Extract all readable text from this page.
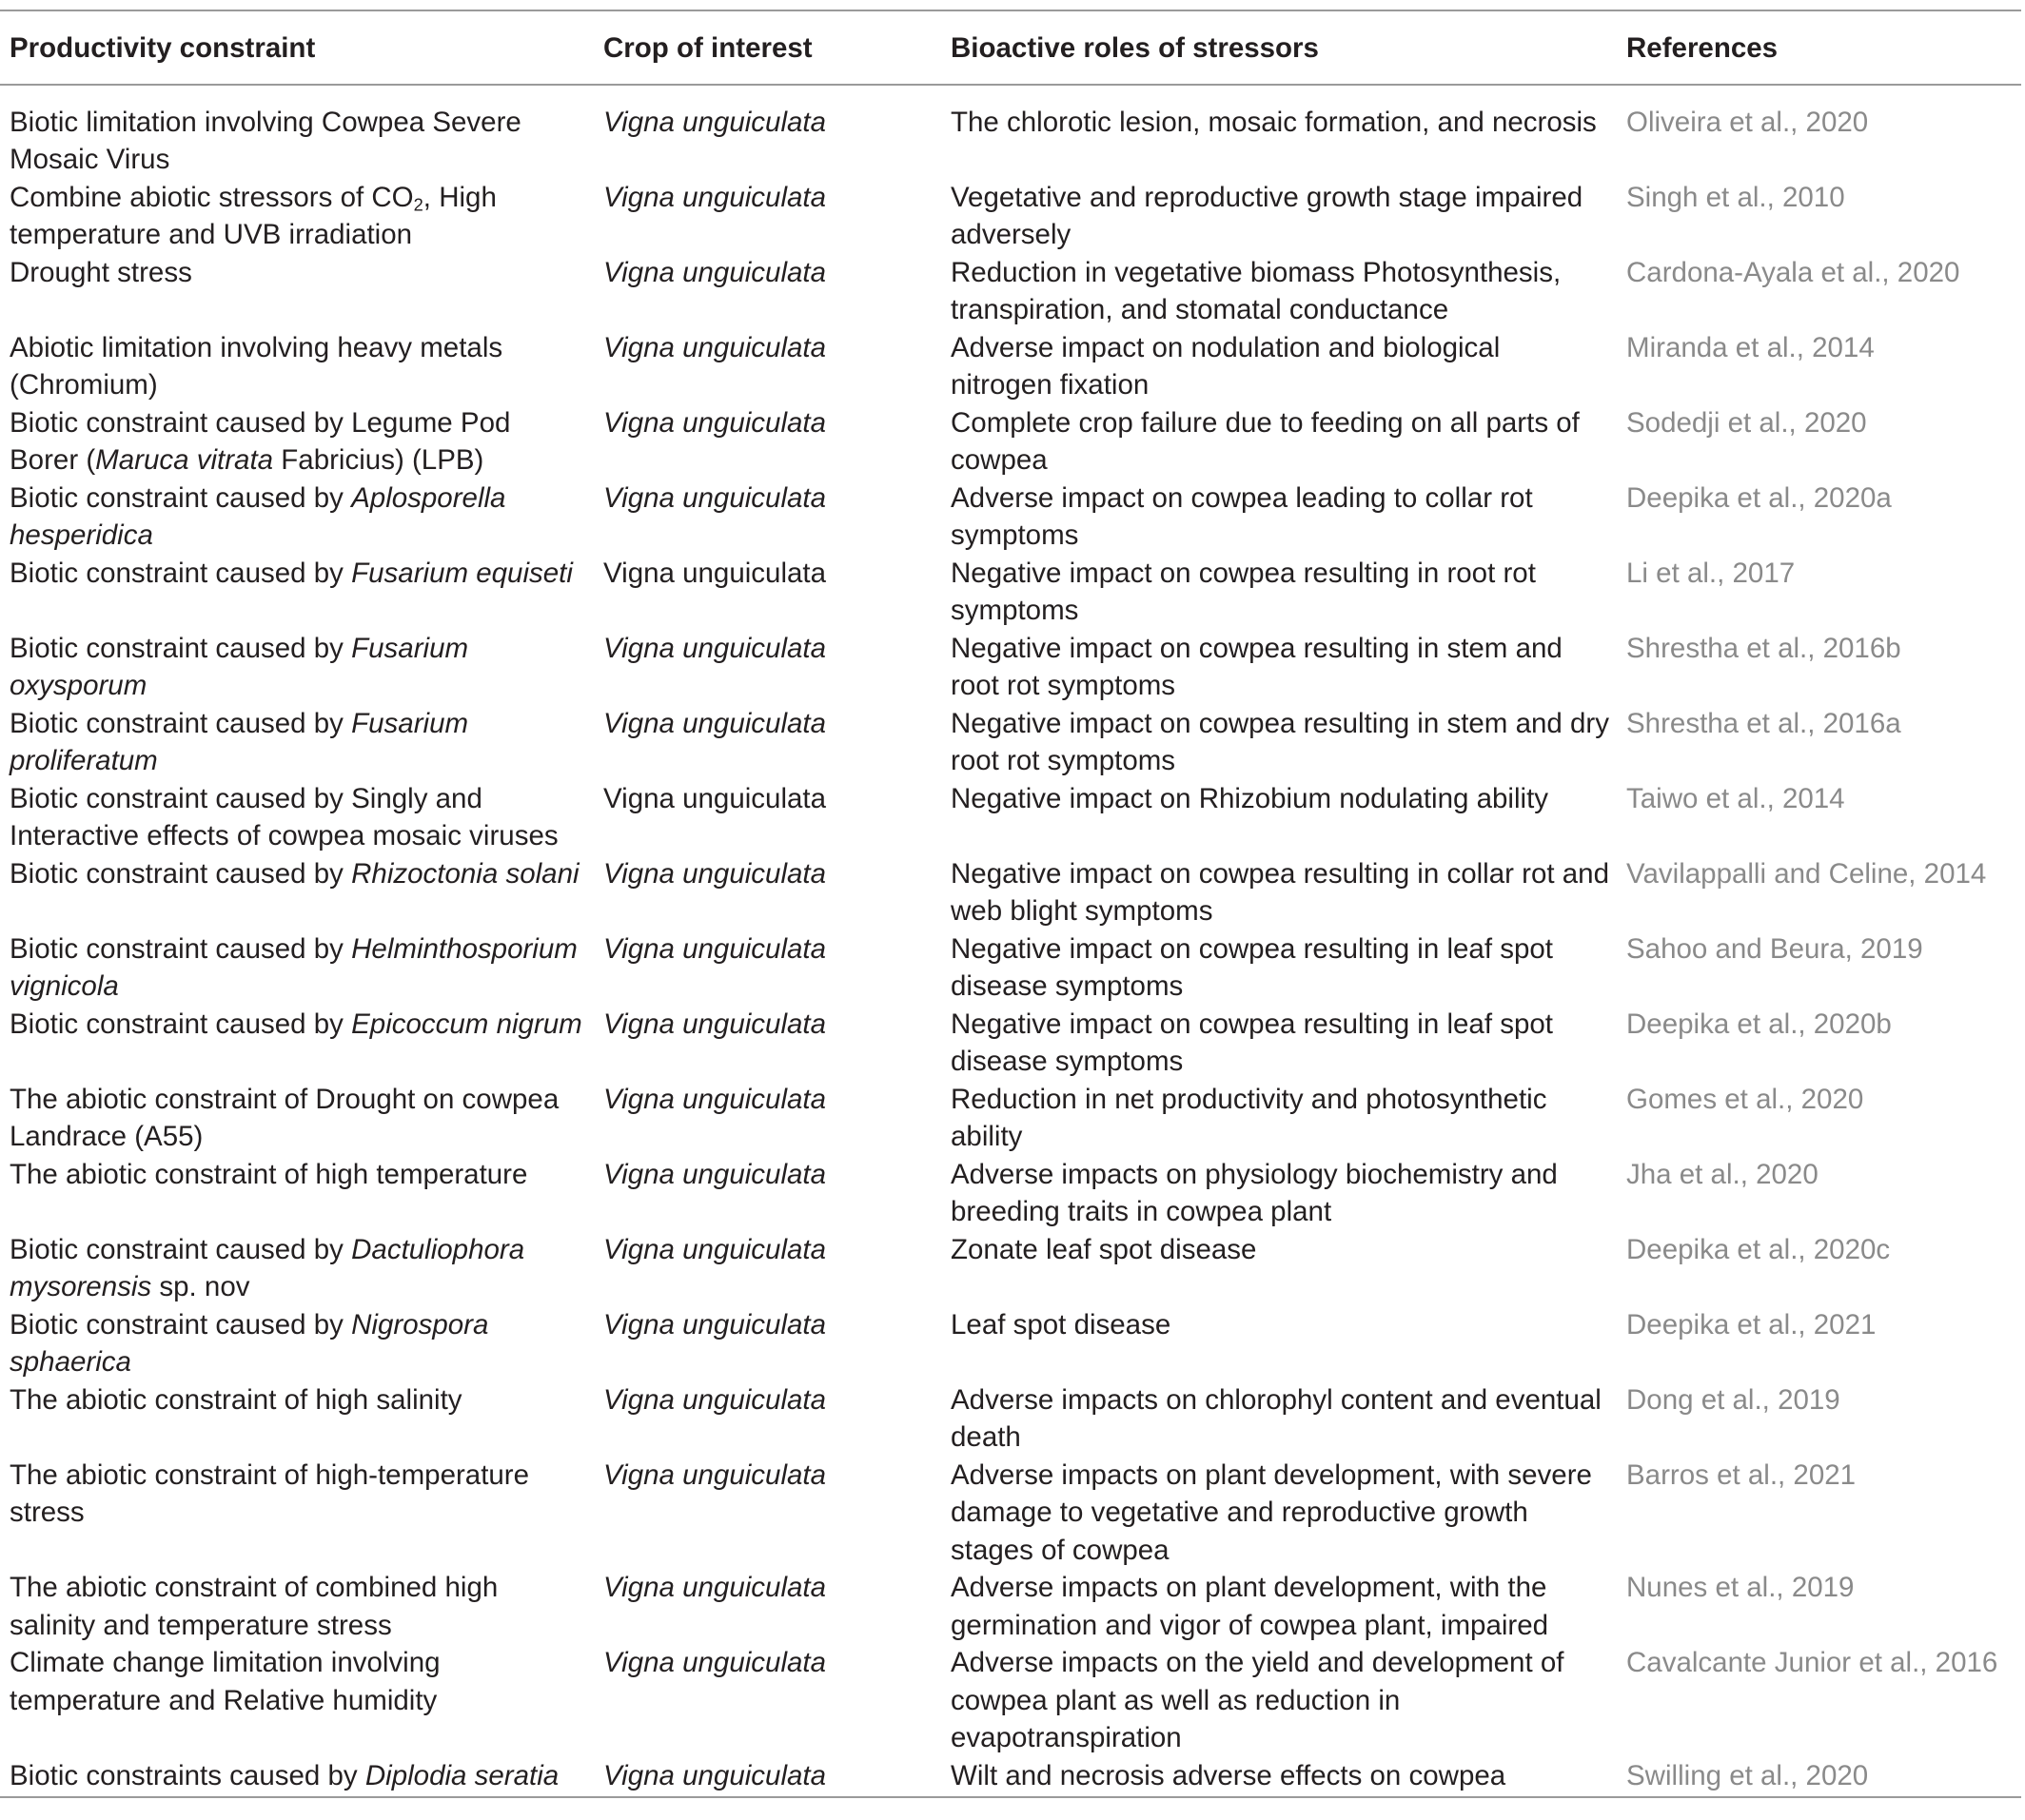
Productivity constraint	Crop of interest	Bioactive roles of stressors	References
Biotic limitation involving Cowpea Severe Mosaic Virus	Vigna unguiculata	The chlorotic lesion, mosaic formation, and necrosis	Oliveira et al., 2020
Combine abiotic stressors of $CO_2$, High temperature and UVB irradiation	Vigna unguiculata	Vegetative and reproductive growth stage impaired adversely	Singh et al., 2010
Drought stress	Vigna unguiculata	Reduction in vegetative biomass Photosynthesis, transpiration, and stomatal conductance	Cardona-Ayala et al., 2020
Abiotic limitation involving heavy metals (Chromium)	Vigna unguiculata	Adverse impact on nodulation and biological nitrogen fixation	Miranda et al., 2014
Biotic constraint caused by Legume Pod Borer (Maruca vitrata Fabricius) (LPB)	Vigna unguiculata	Complete crop failure due to feeding on all parts of cowpea	Sodedji et al., 2020
Biotic constraint caused by Aplosporella hesperidica	Vigna unguiculata	Adverse impact on cowpea leading to collar rot symptoms	Deepika et al., 2020a
Biotic constraint caused by Fusarium equiseti	Vigna unguiculata	Negative impact on cowpea resulting in root rot symptoms	Li et al., 2017
Biotic constraint caused by Fusarium oxysporum	Vigna unguiculata	Negative impact on cowpea resulting in stem and root rot symptoms	Shrestha et al., 2016b
Biotic constraint caused by Fusarium proliferatum	Vigna unguiculata	Negative impact on cowpea resulting in stem and dry root rot symptoms	Shrestha et al., 2016a
Biotic constraint caused by Singly and Interactive effects of cowpea mosaic viruses	Vigna unguiculata	Negative impact on Rhizobium nodulating ability	Taiwo et al., 2014
Biotic constraint caused by Rhizoctonia solani	Vigna unguiculata	Negative impact on cowpea resulting in collar rot and web blight symptoms	Vavilappalli and Celine, 2014
Biotic constraint caused by Helminthosporium vignicola	Vigna unguiculata	Negative impact on cowpea resulting in leaf spot disease symptoms	Sahoo and Beura, 2019
Biotic constraint caused by Epicoccum nigrum	Vigna unguiculata	Negative impact on cowpea resulting in leaf spot disease symptoms	Deepika et al., 2020b
The abiotic constraint of Drought on cowpea Landrace (A55)	Vigna unguiculata	Reduction in net productivity and photosynthetic ability	Gomes et al., 2020
The abiotic constraint of high temperature	Vigna unguiculata	Adverse impacts on physiology biochemistry and breeding traits in cowpea plant	Jha et al., 2020
Biotic constraint caused by Dactuliophora mysorensis sp. nov	Vigna unguiculata	Zonate leaf spot disease	Deepika et al., 2020c
Biotic constraint caused by Nigrospora sphaerica	Vigna unguiculata	Leaf spot disease	Deepika et al., 2021
The abiotic constraint of high salinity	Vigna unguiculata	Adverse impacts on chlorophyl content and eventual death	Dong et al., 2019
The abiotic constraint of high-temperature stress	Vigna unguiculata	Adverse impacts on plant development, with severe damage to vegetative and reproductive growth stages of cowpea	Barros et al., 2021
The abiotic constraint of combined high salinity and temperature stress	Vigna unguiculata	Adverse impacts on plant development, with the germination and vigor of cowpea plant, impaired	Nunes et al., 2019
Climate change limitation involving temperature and Relative humidity	Vigna unguiculata	Adverse impacts on the yield and development of cowpea plant as well as reduction in evapotranspiration	Cavalcante Junior et al., 2016
Biotic constraints caused by Diplodia seratia	Vigna unguiculata	Wilt and necrosis adverse effects on cowpea	Swilling et al., 2020
